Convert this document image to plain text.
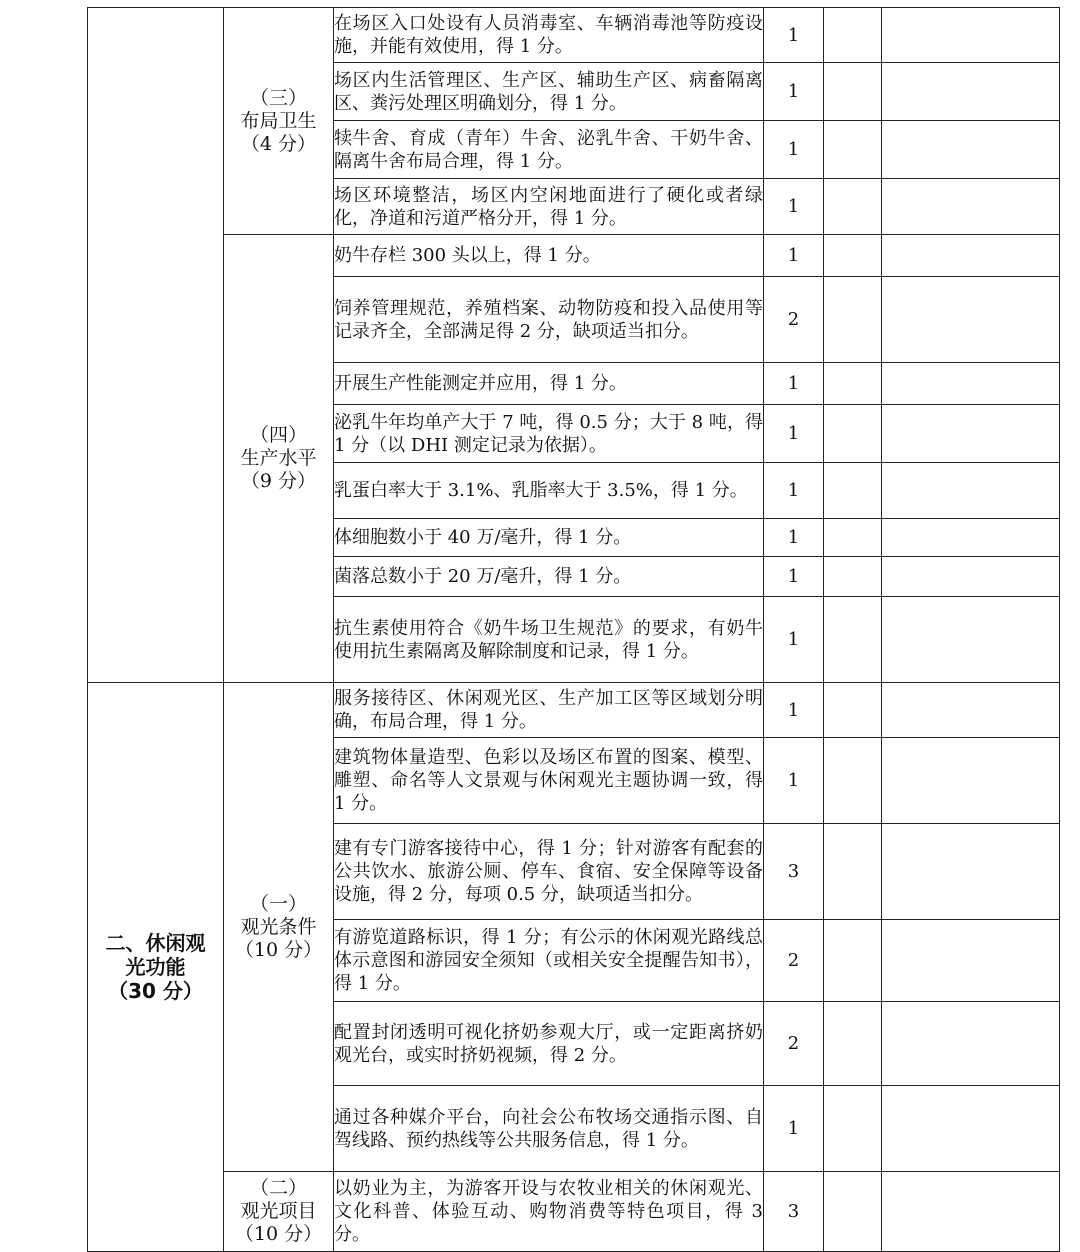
	（三）
布局卫生
（4 分）	在场区入口处设有人员消毒室、车辆消毒池等防疫设施，并能有效使用，得 1 分。	1		
		场区内生活管理区、生产区、辅助生产区、病畜隔离区、粪污处理区明确划分，得 1 分。	1		
		犊牛舍、育成（青年）牛舍、泌乳牛舍、干奶牛舍、隔离牛舍布局合理，得 1 分。	1		
		场区环境整洁，场区内空闲地面进行了硬化或者绿化，净道和污道严格分开，得 1 分。	1		

	（四）
生产水平
（9 分）	奶牛存栏 300 头以上，得 1 分。	1		
		饲养管理规范，养殖档案、动物防疫和投入品使用等记录齐全，全部满足得 2 分，缺项适当扣分。	2		
		开展生产性能测定并应用，得 1 分。	1		
		泌乳牛年均单产大于 7 吨，得 0.5 分；大于 8 吨，得 1 分（以 DHI 测定记录为依据）。	1		
		乳蛋白率大于 3.1%、乳脂率大于 3.5%，得 1 分。	1		
		体细胞数小于 40 万/毫升，得 1 分。	1		
		菌落总数小于 20 万/毫升，得 1 分。	1		
		抗生素使用符合《奶牛场卫生规范》的要求，有奶牛使用抗生素隔离及解除制度和记录，得 1 分。	1		

二、休闲观
光功能
（30 分）	（一）
观光条件
（10 分）	服务接待区、休闲观光区、生产加工区等区域划分明确，布局合理，得 1 分。	1		
		建筑物体量造型、色彩以及场区布置的图案、模型、雕塑、命名等人文景观与休闲观光主题协调一致，得 1 分。	1		
		建有专门游客接待中心，得 1 分；针对游客有配套的公共饮水、旅游公厕、停车、食宿、安全保障等设备设施，得 2 分，每项 0.5 分，缺项适当扣分。	3		
		有游览道路标识，得 1 分；有公示的休闲观光路线总体示意图和游园安全须知（或相关安全提醒告知书），得 1 分。	2		
		配置封闭透明可视化挤奶参观大厅，或一定距离挤奶观光台，或实时挤奶视频，得 2 分。	2		
		通过各种媒介平台，向社会公布牧场交通指示图、自驾线路、预约热线等公共服务信息，得 1 分。	1		

	（二）
观光项目
（10 分）	以奶业为主，为游客开设与农牧业相关的休闲观光、文化科普、体验互动、购物消费等特色项目，得 3 分。	3		
